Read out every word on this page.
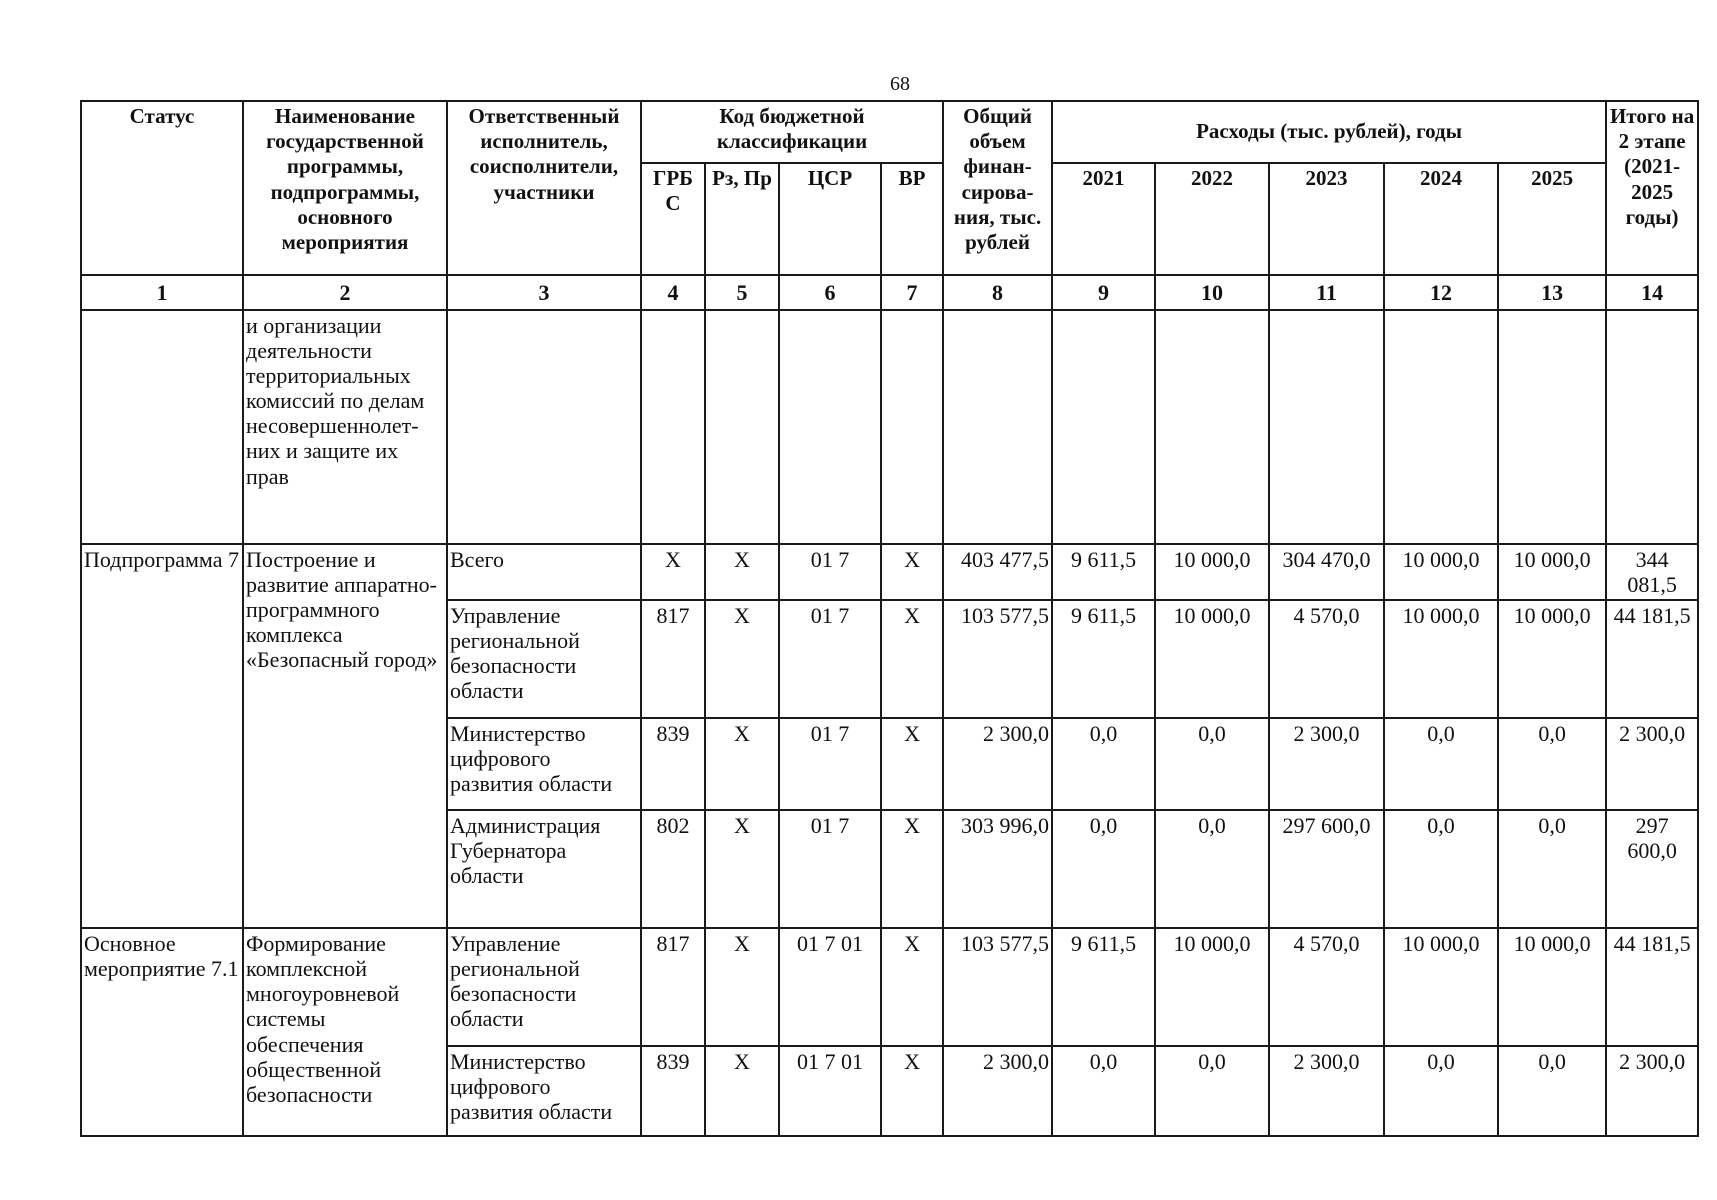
68
Статус	Наименование государственной программы, подпрограммы, основного мероприятия	Ответственный исполнитель, соисполнители, участники	Код бюджетной классификации				Общий объем финан-сирова-ния, тыс. рублей	Расходы (тыс. рублей), годы					Итого на 2 этапе (2021-2025 годы)
			ГРБ С	Рз, Пр	ЦСР	ВР		2021	2022	2023	2024	2025	
1	2	3	4	5	6	7	8	9	10	11	12	13	14
	и организации деятельности территориальных комиссий по делам несовершеннолет-них и защите их прав												
Подпрограмма 7	Построение и развитие аппаратно-программного комплекса «Безопасный город»	Всего	Х	Х	01 7	Х	403 477,5	9 611,5	10 000,0	304 470,0	10 000,0	10 000,0	344 081,5
		Управление региональной безопасности области	817	Х	01 7	Х	103 577,5	9 611,5	10 000,0	4 570,0	10 000,0	10 000,0	44 181,5
		Министерство цифрового развития области	839	Х	01 7	Х	2 300,0	0,0	0,0	2 300,0	0,0	0,0	2 300,0
		Администрация Губернатора области	802	Х	01 7	Х	303 996,0	0,0	0,0	297 600,0	0,0	0,0	297 600,0
Основное мероприятие 7.1	Формирование комплексной многоуровневой системы обеспечения общественной безопасности	Управление региональной безопасности области	817	Х	01 7 01	Х	103 577,5	9 611,5	10 000,0	4 570,0	10 000,0	10 000,0	44 181,5
		Министерство цифрового развития области	839	Х	01 7 01	Х	2 300,0	0,0	0,0	2 300,0	0,0	0,0	2 300,0
